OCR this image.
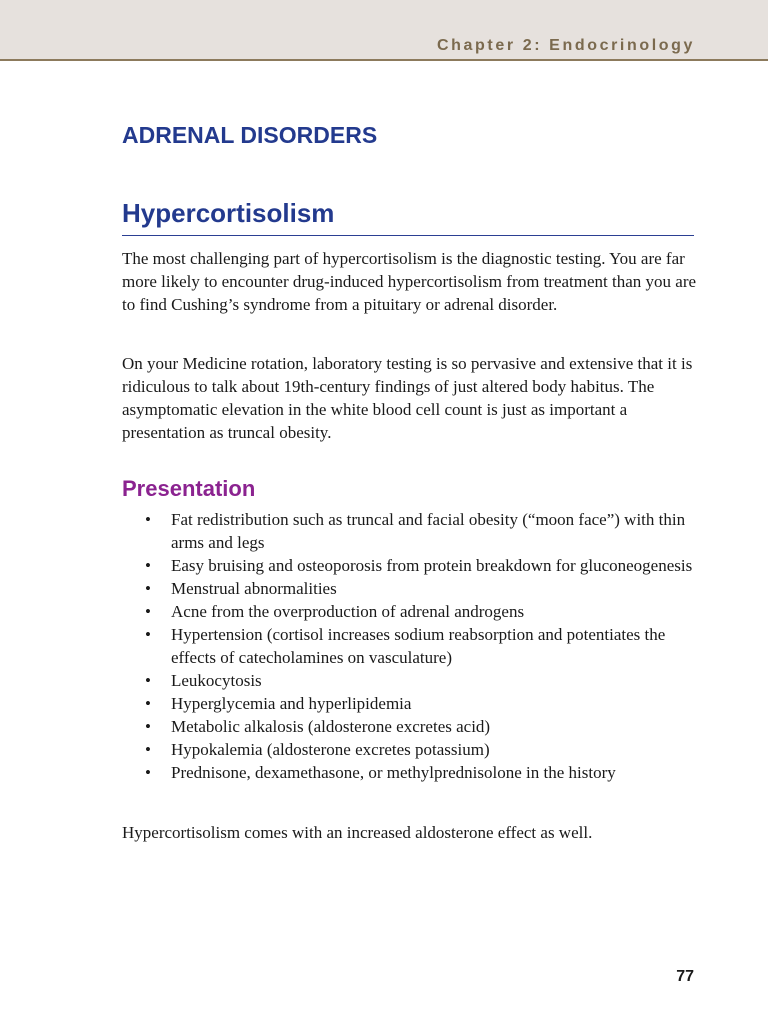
Chapter 2: Endocrinology
ADRENAL DISORDERS
Hypercortisolism

The most challenging part of hypercortisolism is the diagnostic testing. You are far more likely to encounter drug-induced hypercortisolism from treatment than you are to find Cushing’s syndrome from a pituitary or adrenal disorder.

On your Medicine rotation, laboratory testing is so pervasive and extensive that it is ridiculous to talk about 19th-century findings of just altered body habitus. The asymptomatic elevation in the white blood cell count is just as important a presentation as truncal obesity.

Presentation
• Fat redistribution such as truncal and facial obesity (“moon face”) with thin arms and legs
• Easy bruising and osteoporosis from protein breakdown for gluconeogenesis
• Menstrual abnormalities
• Acne from the overproduction of adrenal androgens
• Hypertension (cortisol increases sodium reabsorption and potentiates the effects of catecholamines on vasculature)
• Leukocytosis
• Hyperglycemia and hyperlipidemia
• Metabolic alkalosis (aldosterone excretes acid)
• Hypokalemia (aldosterone excretes potassium)
• Prednisone, dexamethasone, or methylprednisolone in the history

Hypercortisolism comes with an increased aldosterone effect as well.

77
